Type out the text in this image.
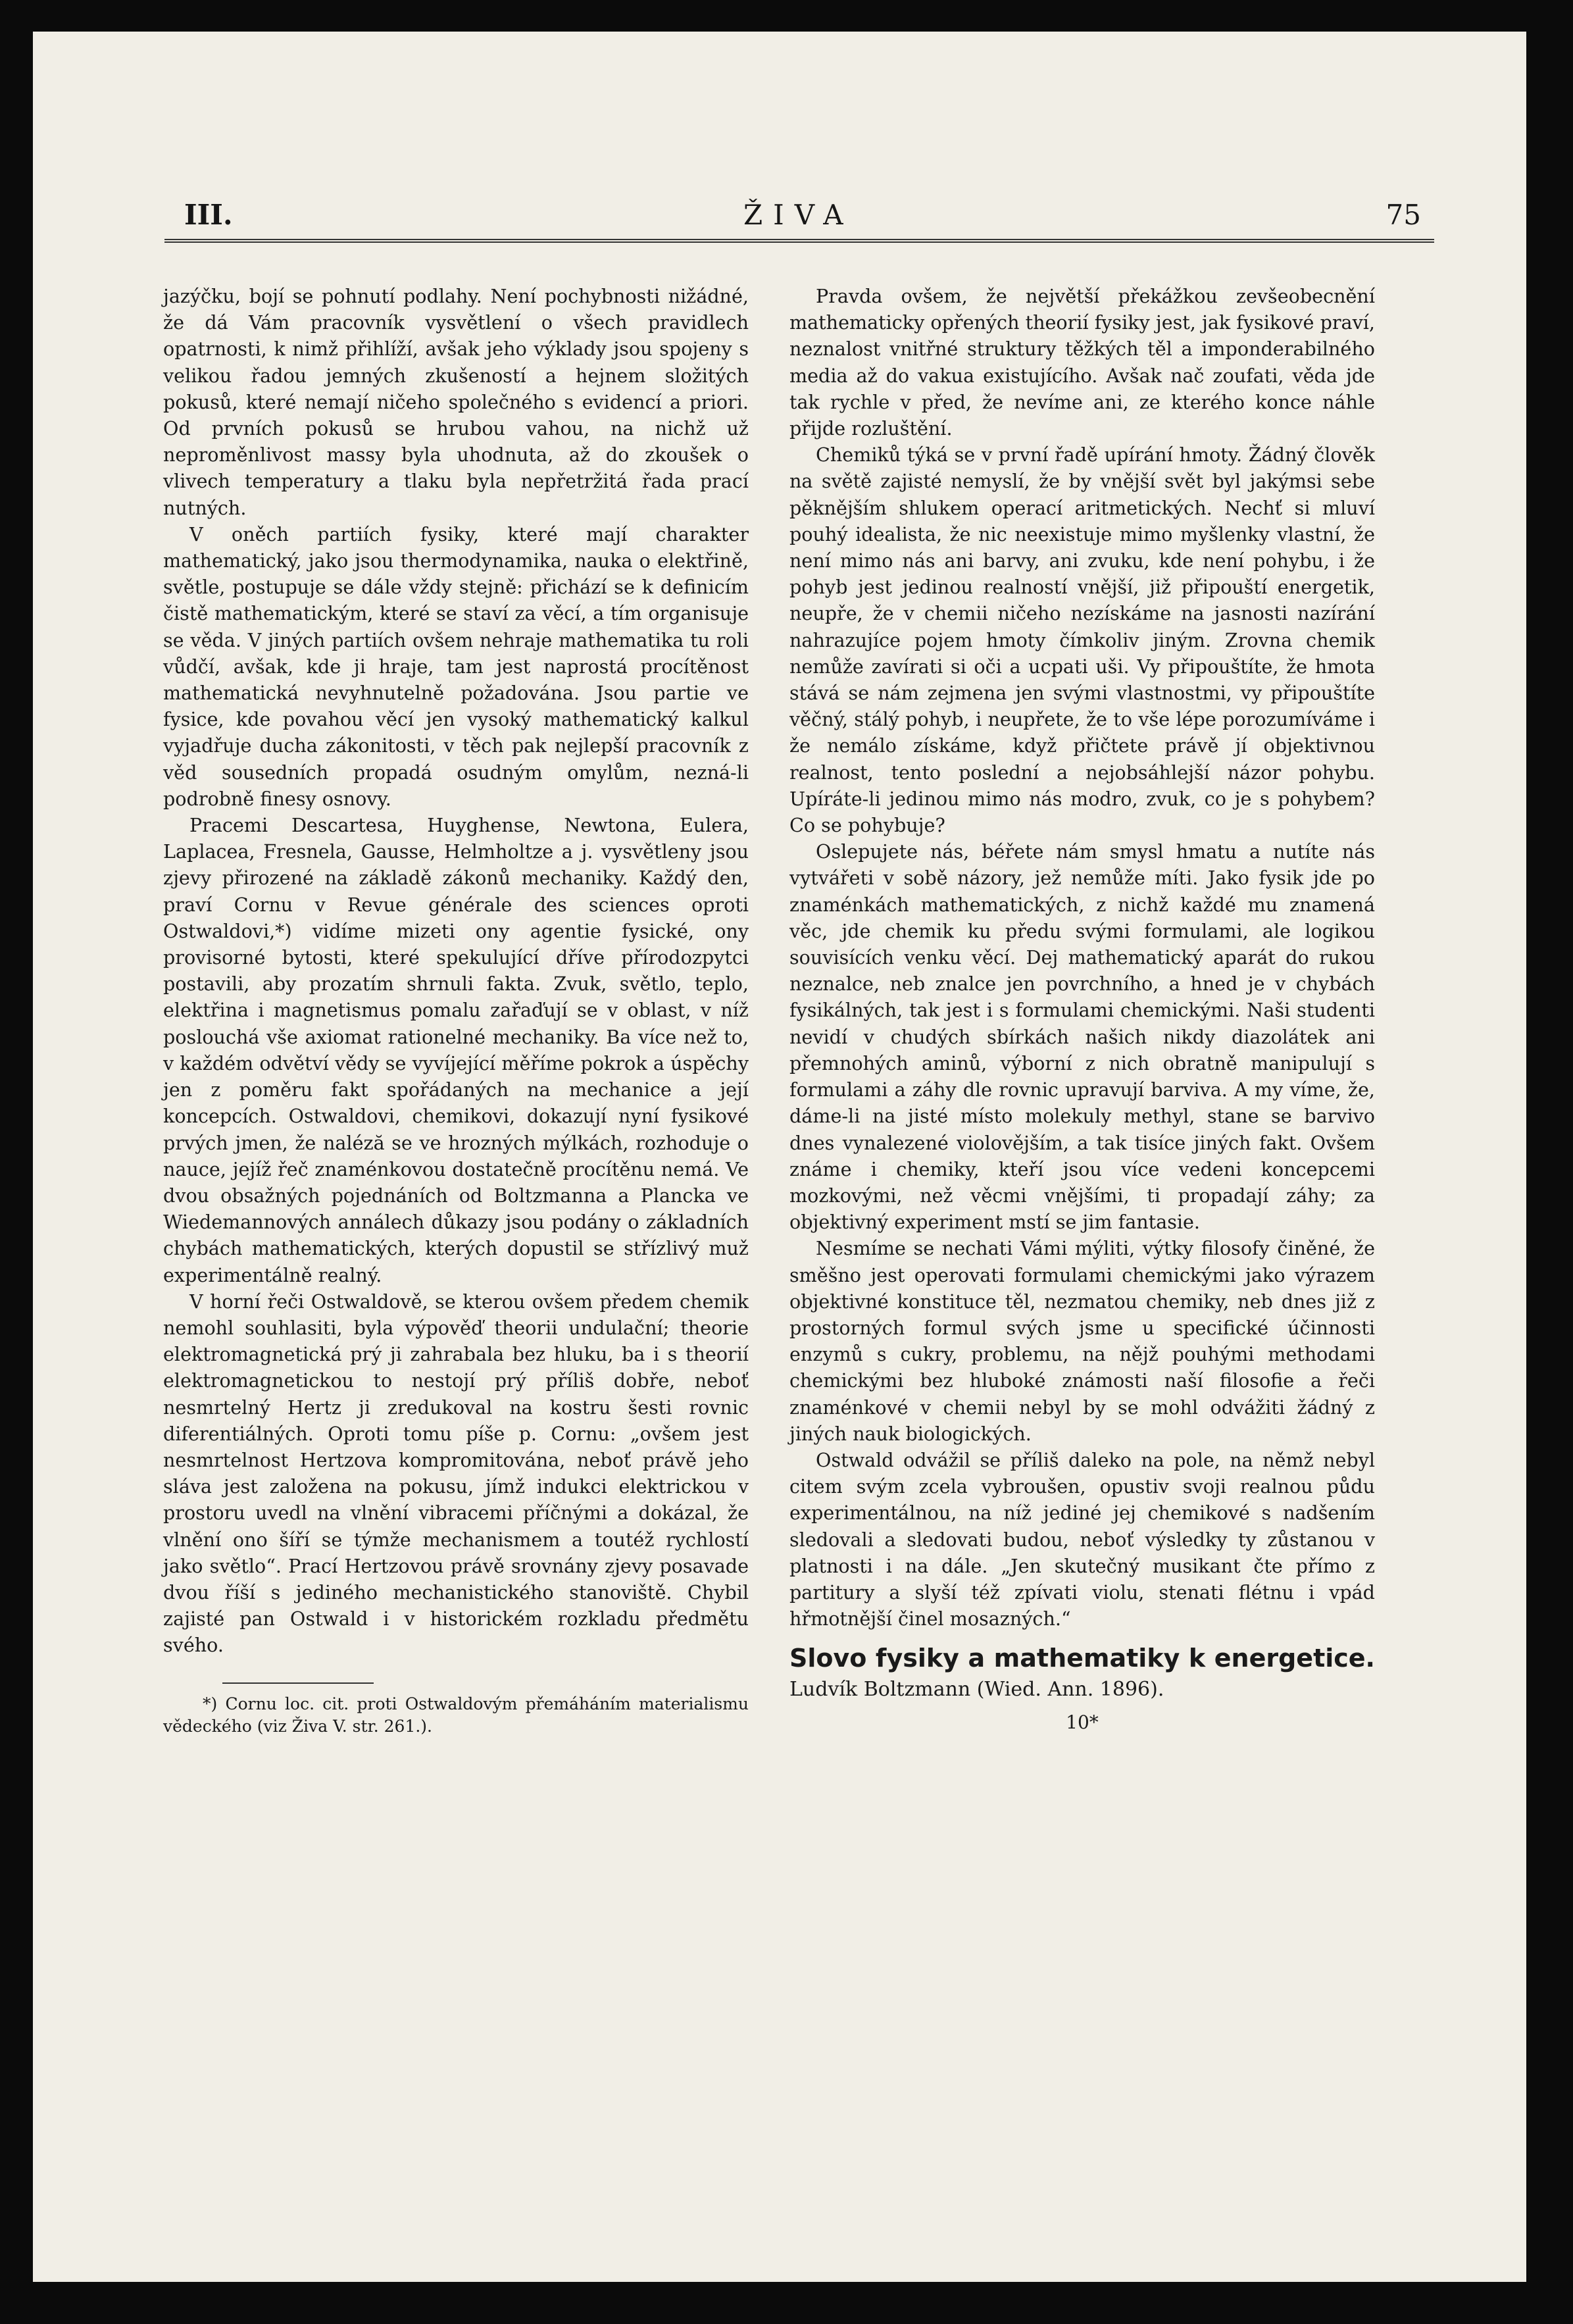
III.	ŽIVA	75

jazýčku, bojí se pohnutí podlahy. Není pochybnosti nižádné, že dá Vám pracovník vysvětlení o všech pravidlech opatrnosti, k nimž přihlíží, avšak jeho výklady jsou spojeny s velikou řadou jemných zkušeností a hejnem složitých pokusů, které nemají ničeho společného s evidencí a priori. Od prvních pokusů se hrubou vahou, na nichž už neproměnlivost massy byla uhodnuta, až do zkoušek o vlivech temperatury a tlaku byla nepřetržitá řada prací nutných.

V oněch partiích fysiky, které mají charakter mathematický, jako jsou thermodynamika, nauka o elektřině, světle, postupuje se dále vždy stejně: přichází se k definicím čistě mathematickým, které se staví za věcí, a tím organisuje se věda. V jiných partiích ovšem nehraje mathematika tu roli vůdčí, avšak, kde ji hraje, tam jest naprostá procítěnost mathematická nevyhnutelně požadována. Jsou partie ve fysice, kde povahou věcí jen vysoký mathematický kalkul vyjadřuje ducha zákonitosti, v těch pak nejlepší pracovník z věd sousedních propadá osudným omylům, nezná-li podrobně finesy osnovy.

Pracemi Descartesa, Huyghense, Newtona, Eulera, Laplacea, Fresnela, Gausse, Helmholtze a j. vysvětleny jsou zjevy přirozené na základě zákonů mechaniky. Každý den, praví Cornu v Revue générale des sciences oproti Ostwaldovi,*) vidíme mizeti ony agentie fysické, ony provisorné bytosti, které spekulující dříve přírodozpytci postavili, aby prozatím shrnuli fakta. Zvuk, světlo, teplo, elektřina i magnetismus pomalu zařaďují se v oblast, v níž poslouchá vše axiomat rationelné mechaniky. Ba více než to, v každém odvětví vědy se vyvíjející měříme pokrok a úspěchy jen z poměru fakt spořádaných na mechanice a její koncepcích. Ostwaldovi, chemikovi, dokazují nyní fysikové prvých jmen, že naléză se ve hrozných mýlkách, rozhoduje o nauce, jejíž řeč znaménkovou dostatečně procítěnu nemá. Ve dvou obsažných pojednáních od Boltzmanna a Plancka ve Wiedemannových annálech důkazy jsou podány o základních chybách mathematických, kterých dopustil se střízlivý muž experimentálně realný.

V horní řeči Ostwaldově, se kterou ovšem předem chemik nemohl souhlasiti, byla výpověď theorii undulační; theorie elektromagnetická prý ji zahrabala bez hluku, ba i s theorií elektromagnetickou to nestojí prý příliš dobře, neboť nesmrtelný Hertz ji zredukoval na kostru šesti rovnic diferentiálných. Oproti tomu píše p. Cornu: „ovšem jest nesmrtelnost Hertzova kompromitována, neboť právě jeho sláva jest založena na pokusu, jímž indukci elektrickou v prostoru uvedl na vlnění vibracemi příčnými a dokázal, že vlnění ono šíří se týmže mechanismem a toutéž rychlostí jako světlo“. Prací Hertzovou právě srovnány zjevy posavade dvou říší s jediného mechanistického stanoviště. Chybil zajisté pan Ostwald i v historickém rozkladu předmětu svého.

*) Cornu loc. cit. proti Ostwaldovým přemáháním materialismu vědeckého (viz Živa V. str. 261.).

Pravda ovšem, že největší překážkou zevšeobecnění mathematicky opřených theorií fysiky jest, jak fysikové praví, neznalost vnitřné struktury těžkých těl a imponderabilného media až do vakua existujícího. Avšak nač zoufati, věda jde tak rychle v před, že nevíme ani, ze kterého konce náhle přijde rozluštění.

Chemiků týká se v první řadě upírání hmoty. Žádný člověk na světě zajisté nemyslí, že by vnější svět byl jakýmsi sebe pěknějším shlukem operací aritmetických. Nechť si mluví pouhý idealista, že nic neexistuje mimo myšlenky vlastní, že není mimo nás ani barvy, ani zvuku, kde není pohybu, i že pohyb jest jedinou realností vnější, již připouští energetik, neupře, že v chemii ničeho nezískáme na jasnosti nazírání nahrazujíce pojem hmoty čímkoliv jiným. Zrovna chemik nemůže zavírati si oči a ucpati uši. Vy připouštíte, že hmota stává se nám zejmena jen svými vlastnostmi, vy připouštíte věčný, stálý pohyb, i neupřete, že to vše lépe porozumíváme i že nemálo získáme, když přičtete právě jí objektivnou realnost, tento poslední a nejobsáhlejší názor pohybu. Upíráte-li jedinou mimo nás modro, zvuk, co je s pohybem? Co se pohybuje?

Oslepujete nás, béřete nám smysl hmatu a nutíte nás vytvářeti v sobě názory, jež nemůže míti. Jako fysik jde po znaménkách mathematických, z nichž každé mu znamená věc, jde chemik ku předu svými formulami, ale logikou souvisících venku věcí. Dej mathematický aparát do rukou neznalce, neb znalce jen povrchního, a hned je v chybách fysikálných, tak jest i s formulami chemickými. Naši studenti nevidí v chudých sbírkách našich nikdy diazolátek ani přemnohých aminů, výborní z nich obratně manipulují s formulami a záhy dle rovnic upravují barviva. A my víme, že, dáme-li na jisté místo molekuly methyl, stane se barvivo dnes vynalezené violovějším, a tak tisíce jiných fakt. Ovšem známe i chemiky, kteří jsou více vedeni koncepcemi mozkovými, než věcmi vnějšími, ti propadají záhy; za objektivný experiment mstí se jim fantasie.

Nesmíme se nechati Vámi mýliti, výtky filosofy činěné, že směšno jest operovati formulami chemickými jako výrazem objektivné konstituce těl, nezmatou chemiky, neb dnes již z prostorných formul svých jsme u specifické účinnosti enzymů s cukry, problemu, na nějž pouhými methodami chemickými bez hluboké známosti naší filosofie a řeči znaménkové v chemii nebyl by se mohl odvážiti žádný z jiných nauk biologických.

Ostwald odvážil se příliš daleko na pole, na němž nebyl citem svým zcela vybroušen, opustiv svoji realnou půdu experimentálnou, na níž jediné jej chemikové s nadšením sledovali a sledovati budou, neboť výsledky ty zůstanou v platnosti i na dále. „Jen skutečný musikant čte přímo z partitury a slyší též zpívati violu, stenati flétnu i vpád hřmotnější činel mosazných.“

Slovo fysiky a mathematiky k energetice. Ludvík Boltzmann (Wied. Ann. 1896).
10*
